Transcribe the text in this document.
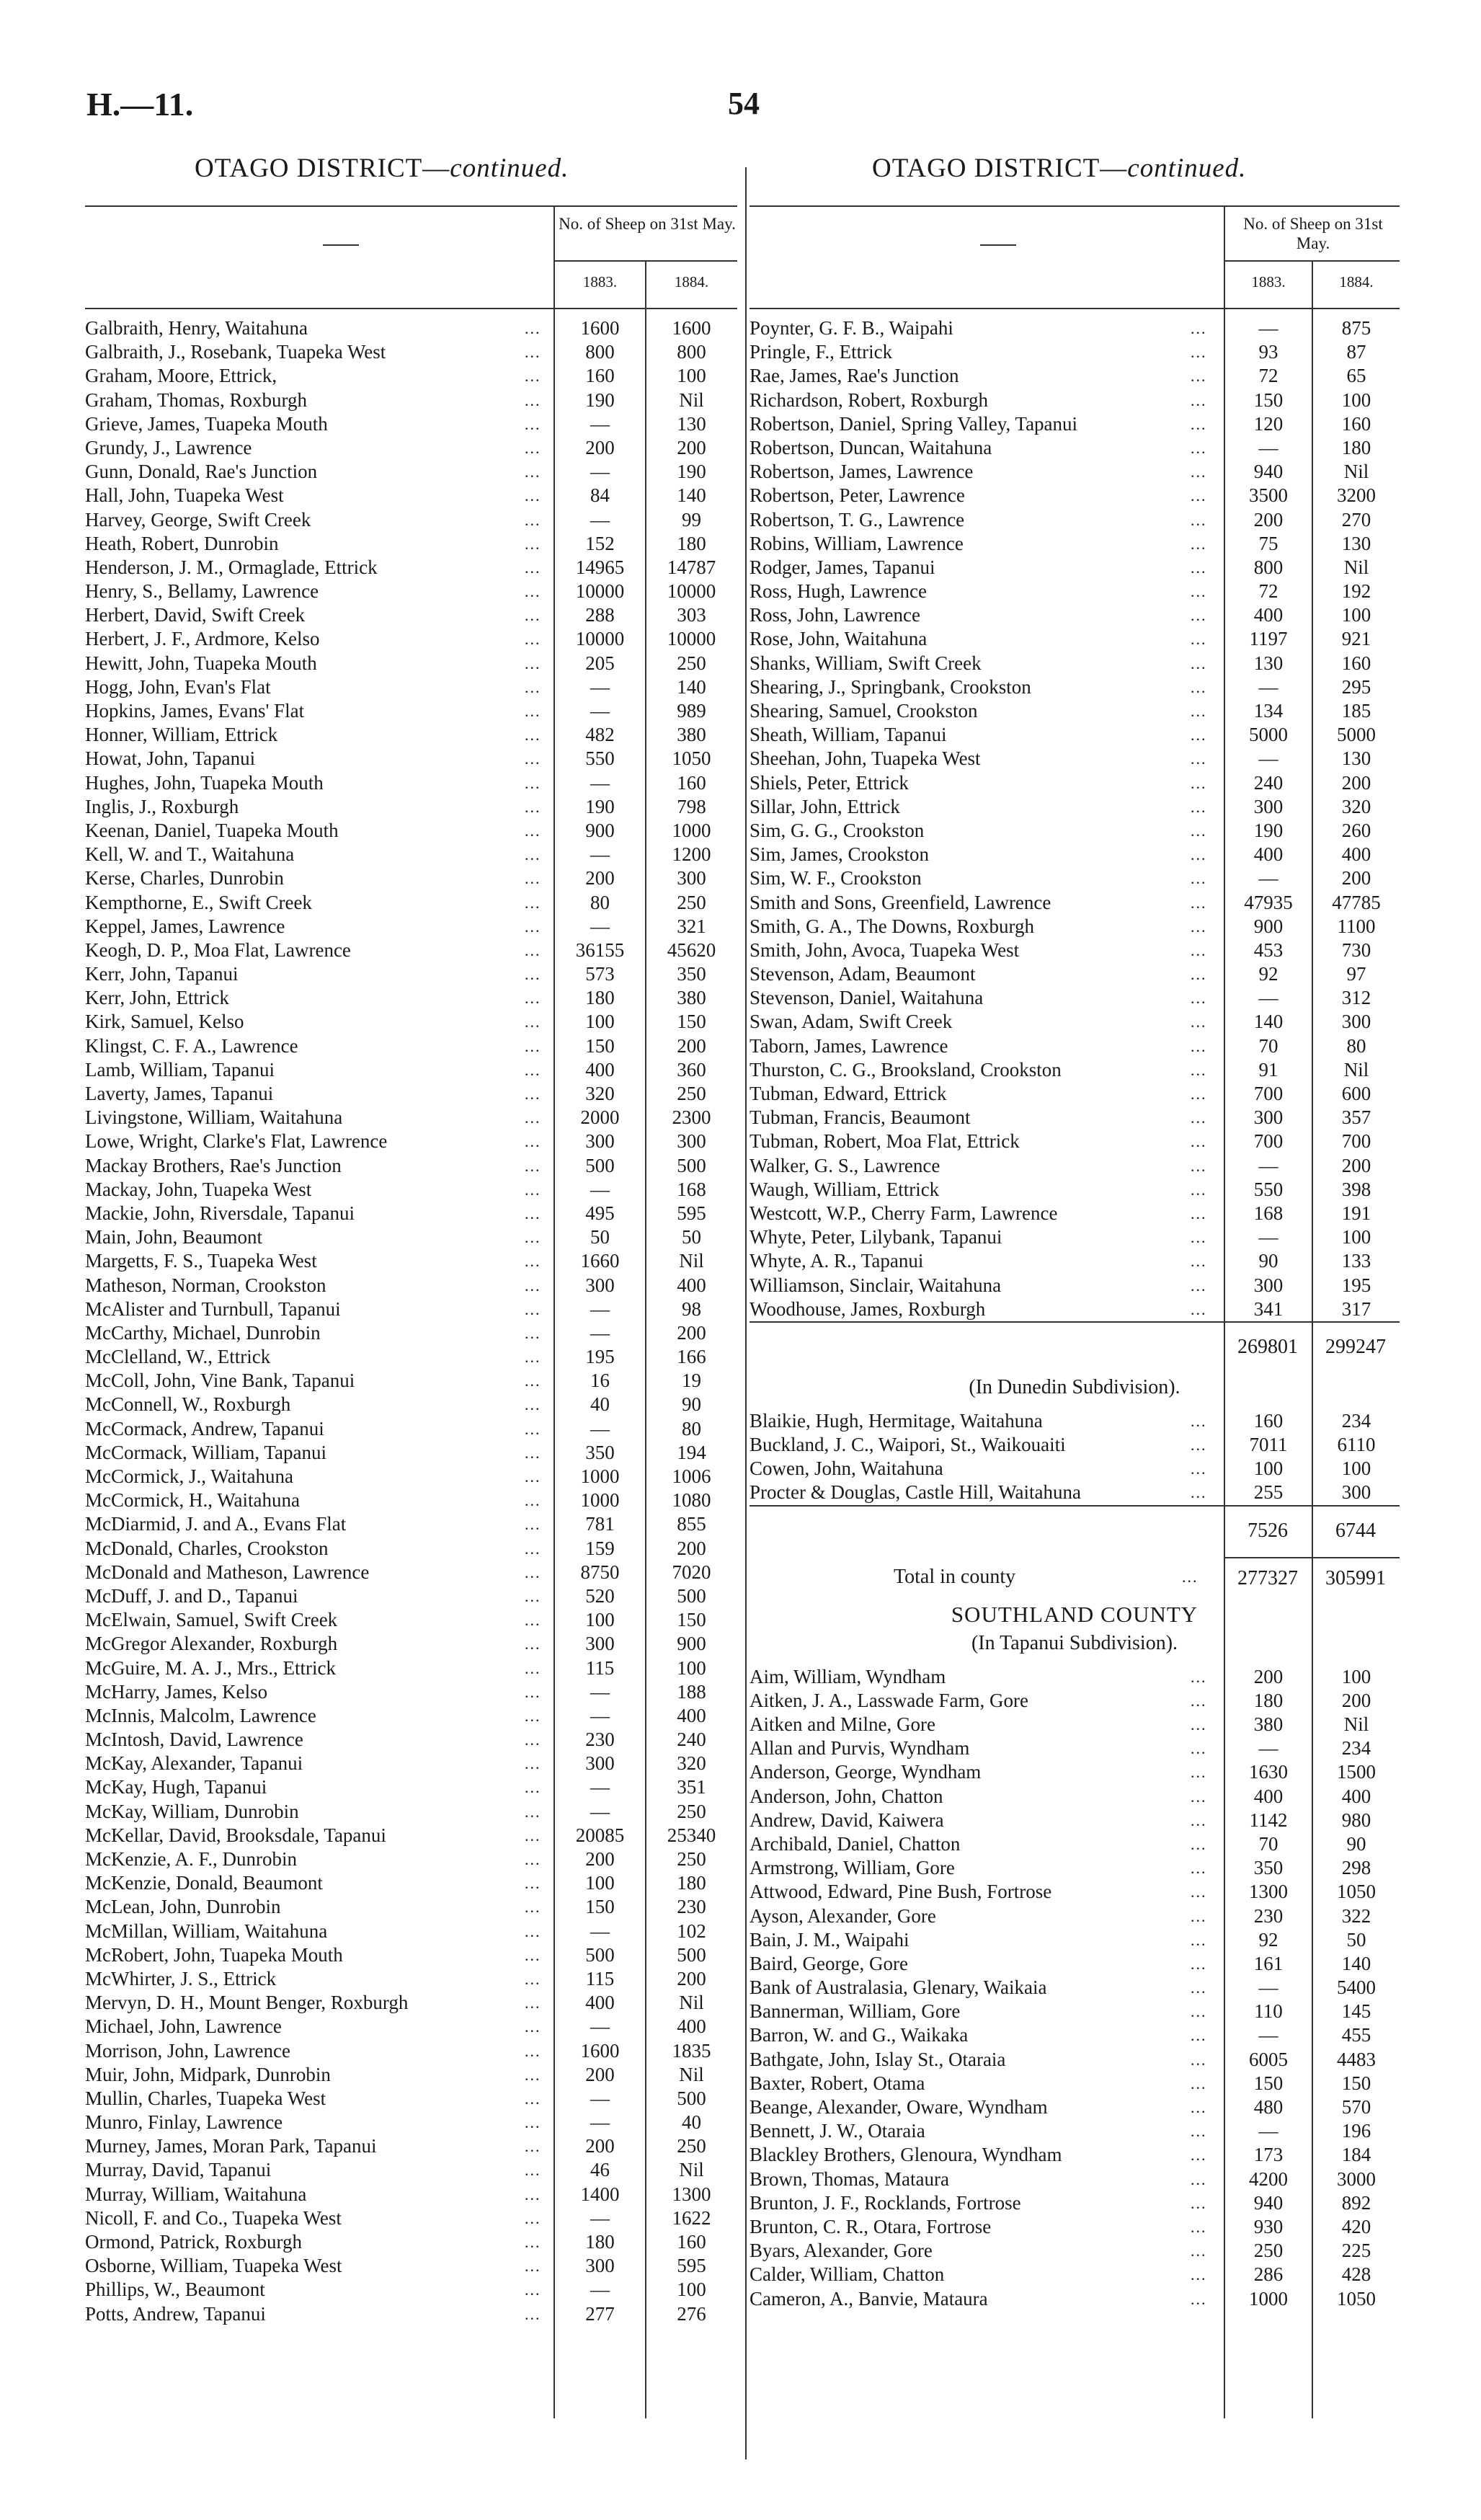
H.—11.	54
OTAGO DISTRICT—continued.	OTAGO DISTRICT—continued.
No. of Sheep on 31st May.
1883.	1884.
Galbraith, Henry, Waitahuna	...	1600	1600
Galbraith, J., Rosebank, Tuapeka West	...	800	800
Graham, Moore, Ettrick,	...	160	100
Graham, Thomas, Roxburgh	...	190	Nil
Grieve, James, Tuapeka Mouth	...	—	130
Grundy, J., Lawrence	...	200	200
Gunn, Donald, Rae's Junction	...	—	190
Hall, John, Tuapeka West	...	84	140
Harvey, George, Swift Creek	...	—	99
Heath, Robert, Dunrobin	...	152	180
Henderson, J. M., Ormaglade, Ettrick	...	14965	14787
Henry, S., Bellamy, Lawrence	...	10000	10000
Herbert, David, Swift Creek	...	288	303
Herbert, J. F., Ardmore, Kelso	...	10000	10000
Hewitt, John, Tuapeka Mouth	...	205	250
Hogg, John, Evan's Flat	...	—	140
Hopkins, James, Evans' Flat	...	—	989
Honner, William, Ettrick	...	482	380
Howat, John, Tapanui	...	550	1050
Hughes, John, Tuapeka Mouth	...	—	160
Inglis, J., Roxburgh	...	190	798
Keenan, Daniel, Tuapeka Mouth	...	900	1000
Kell, W. and T., Waitahuna	...	—	1200
Kerse, Charles, Dunrobin	...	200	300
Kempthorne, E., Swift Creek	...	80	250
Keppel, James, Lawrence	...	—	321
Keogh, D. P., Moa Flat, Lawrence	...	36155	45620
Kerr, John, Tapanui	...	573	350
Kerr, John, Ettrick	...	180	380
Kirk, Samuel, Kelso	...	100	150
Klingst, C. F. A., Lawrence	...	150	200
Lamb, William, Tapanui	...	400	360
Laverty, James, Tapanui	...	320	250
Livingstone, William, Waitahuna	...	2000	2300
Lowe, Wright, Clarke's Flat, Lawrence	...	300	300
Mackay Brothers, Rae's Junction	...	500	500
Mackay, John, Tuapeka West	...	—	168
Mackie, John, Riversdale, Tapanui	...	495	595
Main, John, Beaumont	...	50	50
Margetts, F. S., Tuapeka West	...	1660	Nil
Matheson, Norman, Crookston	...	300	400
McAlister and Turnbull, Tapanui	...	—	98
McCarthy, Michael, Dunrobin	...	—	200
McClelland, W., Ettrick	...	195	166
McColl, John, Vine Bank, Tapanui	...	16	19
McConnell, W., Roxburgh	...	40	90
McCormack, Andrew, Tapanui	...	—	80
McCormack, William, Tapanui	...	350	194
McCormick, J., Waitahuna	...	1000	1006
McCormick, H., Waitahuna	...	1000	1080
McDiarmid, J. and A., Evans Flat	...	781	855
McDonald, Charles, Crookston	...	159	200
McDonald and Matheson, Lawrence	...	8750	7020
McDuff, J. and D., Tapanui	...	520	500
McElwain, Samuel, Swift Creek	...	100	150
McGregor Alexander, Roxburgh	...	300	900
McGuire, M. A. J., Mrs., Ettrick	...	115	100
McHarry, James, Kelso	...	—	188
McInnis, Malcolm, Lawrence	...	—	400
McIntosh, David, Lawrence	...	230	240
McKay, Alexander, Tapanui	...	300	320
McKay, Hugh, Tapanui	...	—	351
McKay, William, Dunrobin	...	—	250
McKellar, David, Brooksdale, Tapanui	...	20085	25340
McKenzie, A. F., Dunrobin	...	200	250
McKenzie, Donald, Beaumont	...	100	180
McLean, John, Dunrobin	...	150	230
McMillan, William, Waitahuna	...	—	102
McRobert, John, Tuapeka Mouth	...	500	500
McWhirter, J. S., Ettrick	...	115	200
Mervyn, D. H., Mount Benger, Roxburgh	...	400	Nil
Michael, John, Lawrence	...	—	400
Morrison, John, Lawrence	...	1600	1835
Muir, John, Midpark, Dunrobin	...	200	Nil
Mullin, Charles, Tuapeka West	...	—	500
Munro, Finlay, Lawrence	...	—	40
Murney, James, Moran Park, Tapanui	...	200	250
Murray, David, Tapanui	...	46	Nil
Murray, William, Waitahuna	...	1400	1300
Nicoll, F. and Co., Tuapeka West	...	—	1622
Ormond, Patrick, Roxburgh	...	180	160
Osborne, William, Tuapeka West	...	300	595
Phillips, W., Beaumont	...	—	100
Potts, Andrew, Tapanui	...	277	276
No. of Sheep on 31st May.
1883.	1884.
Poynter, G. F. B., Waipahi	...	—	875
Pringle, F., Ettrick	...	93	87
Rae, James, Rae's Junction	...	72	65
Richardson, Robert, Roxburgh	...	150	100
Robertson, Daniel, Spring Valley, Tapanui	...	120	160
Robertson, Duncan, Waitahuna	...	—	180
Robertson, James, Lawrence	...	940	Nil
Robertson, Peter, Lawrence	...	3500	3200
Robertson, T. G., Lawrence	...	200	270
Robins, William, Lawrence	...	75	130
Rodger, James, Tapanui	...	800	Nil
Ross, Hugh, Lawrence	...	72	192
Ross, John, Lawrence	...	400	100
Rose, John, Waitahuna	...	1197	921
Shanks, William, Swift Creek	...	130	160
Shearing, J., Springbank, Crookston	...	—	295
Shearing, Samuel, Crookston	...	134	185
Sheath, William, Tapanui	...	5000	5000
Sheehan, John, Tuapeka West	...	—	130
Shiels, Peter, Ettrick	...	240	200
Sillar, John, Ettrick	...	300	320
Sim, G. G., Crookston	...	190	260
Sim, James, Crookston	...	400	400
Sim, W. F., Crookston	...	—	200
Smith and Sons, Greenfield, Lawrence	...	47935	47785
Smith, G. A., The Downs, Roxburgh	...	900	1100
Smith, John, Avoca, Tuapeka West	...	453	730
Stevenson, Adam, Beaumont	...	92	97
Stevenson, Daniel, Waitahuna	...	—	312
Swan, Adam, Swift Creek	...	140	300
Taborn, James, Lawrence	...	70	80
Thurston, C. G., Brooksland, Crookston	...	91	Nil
Tubman, Edward, Ettrick	...	700	600
Tubman, Francis, Beaumont	...	300	357
Tubman, Robert, Moa Flat, Ettrick	...	700	700
Walker, G. S., Lawrence	...	—	200
Waugh, William, Ettrick	...	550	398
Westcott, W.P., Cherry Farm, Lawrence	...	168	191
Whyte, Peter, Lilybank, Tapanui	...	—	100
Whyte, A. R., Tapanui	...	90	133
Williamson, Sinclair, Waitahuna	...	300	195
Woodhouse, James, Roxburgh	...	341	317
269801	299247
(In Dunedin Subdivision).
Blaikie, Hugh, Hermitage, Waitahuna	...	160	234
Buckland, J. C., Waipori, St., Waikouaiti	...	7011	6110
Cowen, John, Waitahuna	...	100	100
Procter & Douglas, Castle Hill, Waitahuna	...	255	300
7526	6744
Total in county	...	277327	305991
SOUTHLAND COUNTY
(In Tapanui Subdivision).
Aim, William, Wyndham	...	200	100
Aitken, J. A., Lasswade Farm, Gore	...	180	200
Aitken and Milne, Gore	...	380	Nil
Allan and Purvis, Wyndham	...	—	234
Anderson, George, Wyndham	...	1630	1500
Anderson, John, Chatton	...	400	400
Andrew, David, Kaiwera	...	1142	980
Archibald, Daniel, Chatton	...	70	90
Armstrong, William, Gore	...	350	298
Attwood, Edward, Pine Bush, Fortrose	...	1300	1050
Ayson, Alexander, Gore	...	230	322
Bain, J. M., Waipahi	...	92	50
Baird, George, Gore	...	161	140
Bank of Australasia, Glenary, Waikaia	...	—	5400
Bannerman, William, Gore	...	110	145
Barron, W. and G., Waikaka	...	—	455
Bathgate, John, Islay St., Otaraia	...	6005	4483
Baxter, Robert, Otama	...	150	150
Beange, Alexander, Oware, Wyndham	...	480	570
Bennett, J. W., Otaraia	...	—	196
Blackley Brothers, Glenoura, Wyndham	...	173	184
Brown, Thomas, Mataura	...	4200	3000
Brunton, J. F., Rocklands, Fortrose	...	940	892
Brunton, C. R., Otara, Fortrose	...	930	420
Byars, Alexander, Gore	...	250	225
Calder, William, Chatton	...	286	428
Cameron, A., Banvie, Mataura	...	1000	1050
